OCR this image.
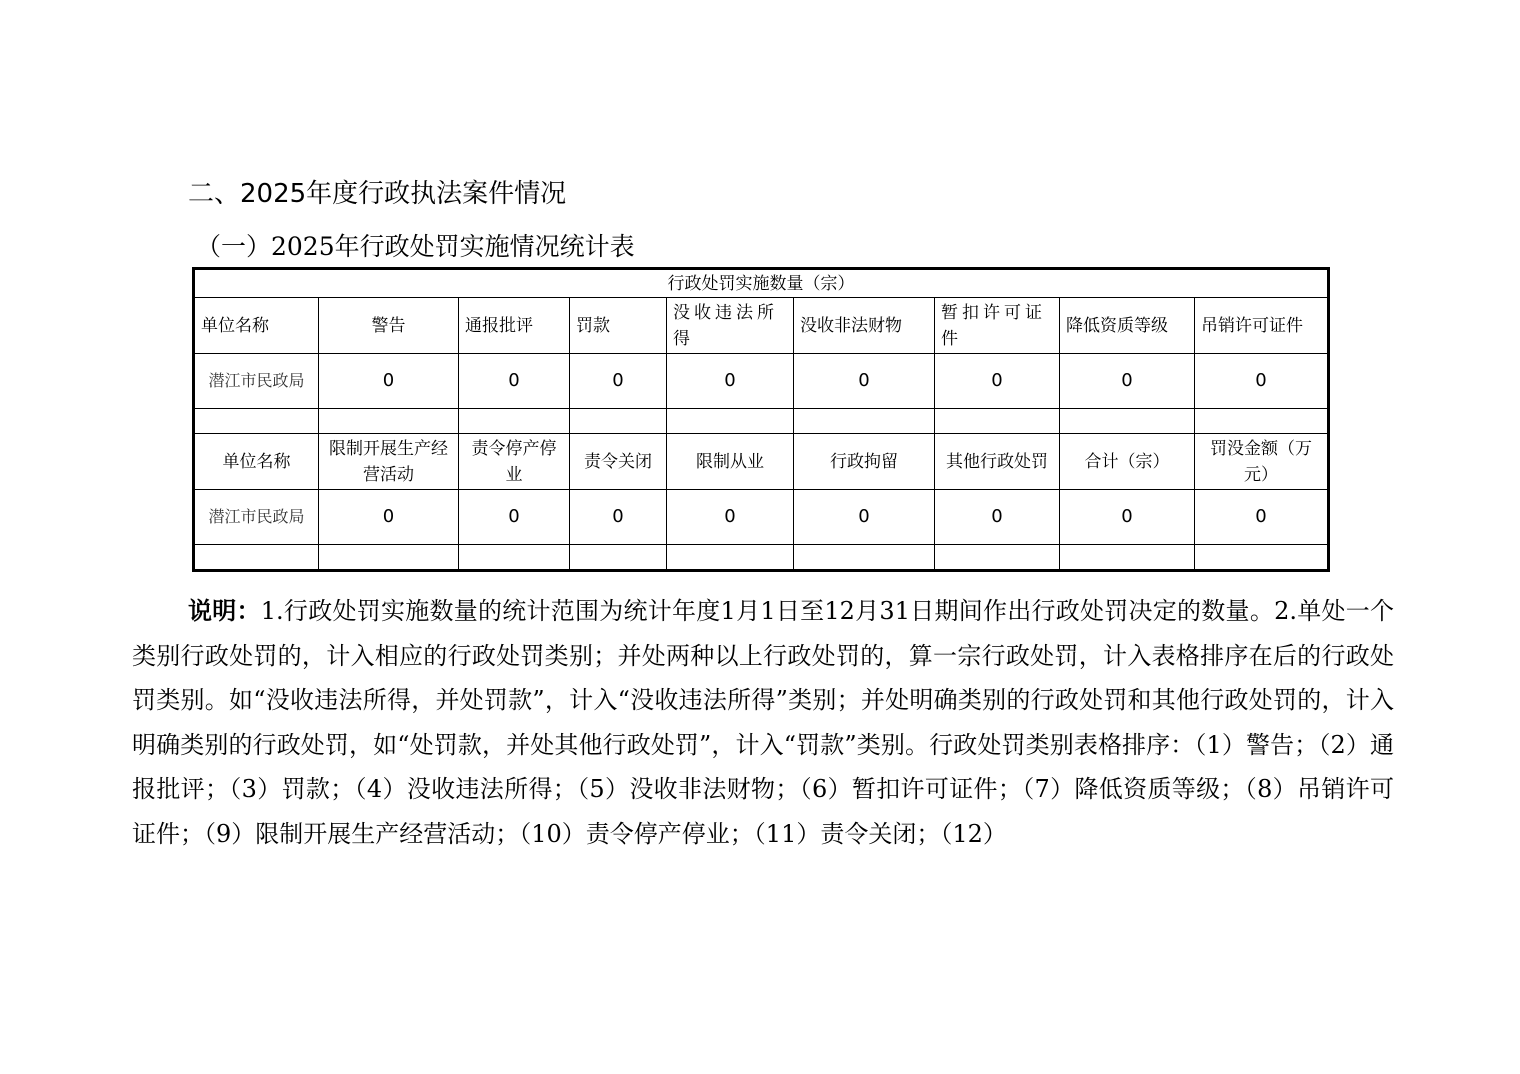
二、2025年度行政执法案件情况
（一）2025年行政处罚实施情况统计表
行政处罚实施数量（宗）								
单位名称	警告	通报批评	罚款	没收违法所得	没收非法财物	暂扣许可证件	降低资质等级	吊销许可证件
潜江市民政局	0	0	0	0	0	0	0	0

单位名称	限制开展生产经营活动	责令停产停业	责令关闭	限制从业	行政拘留	其他行政处罚	合计（宗）	罚没金额（万元）
潜江市民政局	0	0	0	0	0	0	0	0

说明：1.行政处罚实施数量的统计范围为统计年度1月1日至12月31日期间作出行政处罚决定的数量。2.单处一个类别行政处罚的，计入相应的行政处罚类别；并处两种以上行政处罚的，算一宗行政处罚，计入表格排序在后的行政处罚类别。如“没收违法所得，并处罚款”，计入“没收违法所得”类别；并处明确类别的行政处罚和其他行政处罚的，计入明确类别的行政处罚，如“处罚款，并处其他行政处罚”，计入“罚款”类别。行政处罚类别表格排序：（1）警告；（2）通报批评；（3）罚款；（4）没收违法所得；（5）没收非法财物；（6）暂扣许可证件；（7）降低资质等级；（8）吊销许可证件；（9）限制开展生产经营活动；（10）责令停产停业；（11）责令关闭；（12）
